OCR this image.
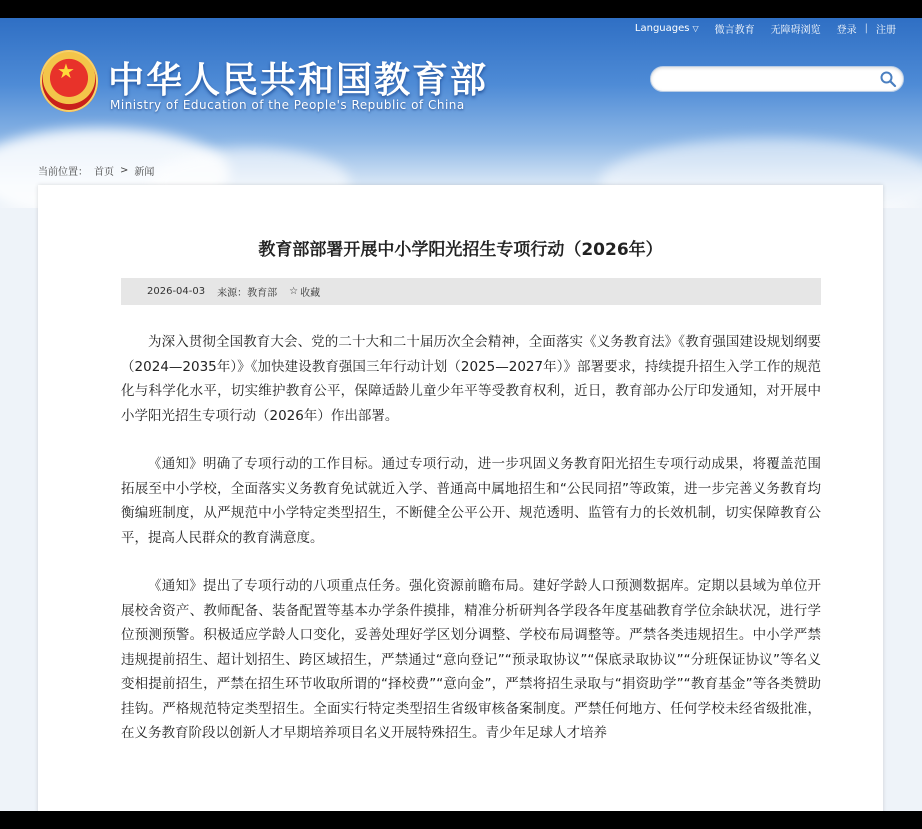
★ 中华人民共和国教育部
Ministry of Education of the People's Republic of China
Languages ▽	微言教育	无障碍浏览	登录 | 注册
当前位置： 首页 > 新闻
教育部部署开展中小学阳光招生专项行动（2026年）
2026-04-03 来源：教育部 ☆ 收藏

为深入贯彻全国教育大会、党的二十大和二十届历次全会精神，全面落实《义务教育法》《教育强国建设规划纲要（2024—2035年）》《加快建设教育强国三年行动计划（2025—2027年）》部署要求，持续提升招生入学工作的规范化与科学化水平，切实维护教育公平，保障适龄儿童少年平等受教育权利，近日，教育部办公厅印发通知，对开展中小学阳光招生专项行动（2026年）作出部署。

《通知》明确了专项行动的工作目标。通过专项行动，进一步巩固义务教育阳光招生专项行动成果，将覆盖范围拓展至中小学校，全面落实义务教育免试就近入学、普通高中属地招生和“公民同招”等政策，进一步完善义务教育均衡编班制度，从严规范中小学特定类型招生，不断健全公平公开、规范透明、监管有力的长效机制，切实保障教育公平，提高人民群众的教育满意度。

《通知》提出了专项行动的八项重点任务。强化资源前瞻布局。建好学龄人口预测数据库。定期以县域为单位开展校舍资产、教师配备、装备配置等基本办学条件摸排，精准分析研判各学段各年度基础教育学位余缺状况，进行学位预测预警。积极适应学龄人口变化，妥善处理好学区划分调整、学校布局调整等。严禁各类违规招生。中小学严禁违规提前招生、超计划招生、跨区域招生，严禁通过“意向登记”“预录取协议”“保底录取协议”“分班保证协议”等名义变相提前招生，严禁在招生环节收取所谓的“择校费”“意向金”，严禁将招生录取与“捐资助学”“教育基金”等各类赞助挂钩。严格规范特定类型招生。全面实行特定类型招生省级审核备案制度。严禁任何地方、任何学校未经省级批准，在义务教育阶段以创新人才早期培养项目名义开展特殊招生。青少年足球人才培养
